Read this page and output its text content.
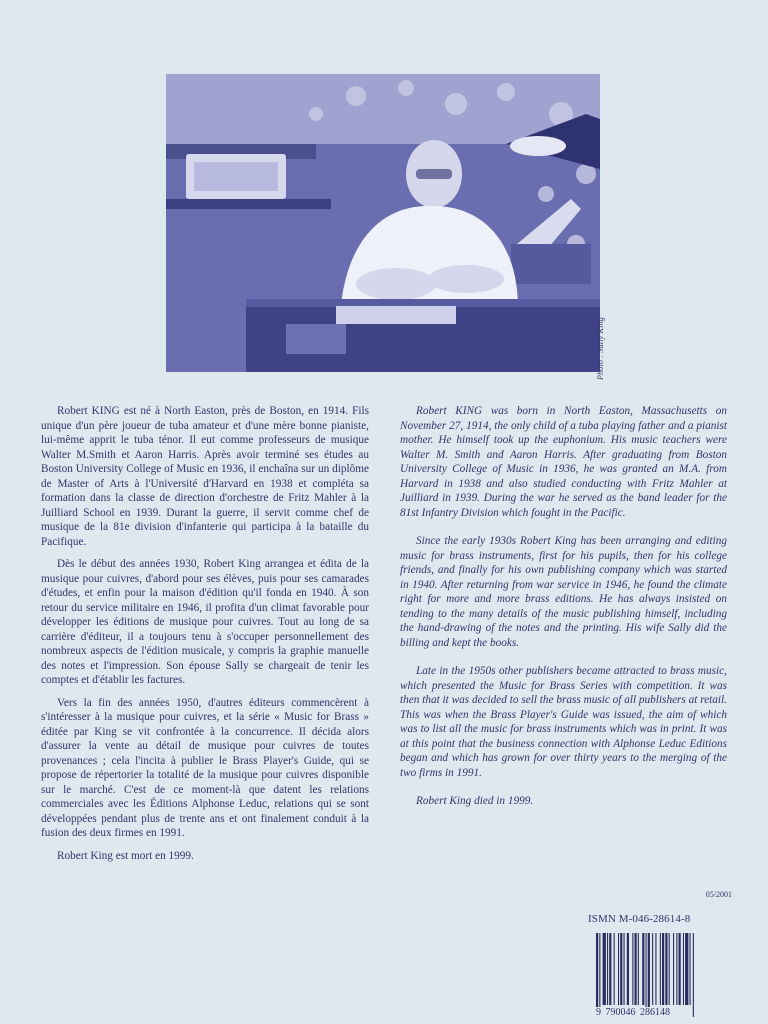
Photo : Sally King

Robert KING est né à North Easton, près de Boston, en 1914. Fils unique d'un père joueur de tuba amateur et d'une mère bonne pianiste, lui-même apprit le tuba ténor. Il eut comme professeurs de musique Walter M.Smith et Aaron Harris. Après avoir terminé ses études au Boston University College of Music en 1936, il enchaîna sur un diplôme de Master of Arts à l'Université d'Harvard en 1938 et compléta sa formation dans la classe de direction d'orchestre de Fritz Mahler à la Juilliard School en 1939. Durant la guerre, il servit comme chef de musique de la 81e division d'infanterie qui participa à la bataille du Pacifique.

Dès le début des années 1930, Robert King arrangea et édita de la musique pour cuivres, d'abord pour ses élèves, puis pour ses camarades d'études, et enfin pour la maison d'édition qu'il fonda en 1940. À son retour du service militaire en 1946, il profita d'un climat favorable pour développer les éditions de musique pour cuivres. Tout au long de sa carrière d'éditeur, il a toujours tenu à s'occuper personnellement des nombreux aspects de l'édition musicale, y compris la graphie manuelle des notes et l'impression. Son épouse Sally se chargeait de tenir les comptes et d'établir les factures.

Vers la fin des années 1950, d'autres éditeurs commencèrent à s'intéresser à la musique pour cuivres, et la série « Music for Brass » éditée par King se vit confrontée à la concurrence. Il décida alors d'assurer la vente au détail de musique pour cuivres de toutes provenances ; cela l'incita à publier le Brass Player's Guide, qui se propose de répertorier la totalité de la musique pour cuivres disponible sur le marché. C'est de ce moment-là que datent les relations commerciales avec les Éditions Alphonse Leduc, relations qui se sont développées pendant plus de trente ans et ont finalement conduit à la fusion des deux firmes en 1991.

Robert King est mort en 1999.

Robert KING was born in North Easton, Massachusetts on November 27, 1914, the only child of a tuba playing father and a pianist mother. He himself took up the euphonium. His music teachers were Walter M. Smith and Aaron Harris. After graduating from Boston University College of Music in 1936, he was granted an M.A. from Harvard in 1938 and also studied conducting with Fritz Mahler at Juilliard in 1939. During the war he served as the band leader for the 81st Infantry Division which fought in the Pacific.

Since the early 1930s Robert King has been arranging and editing music for brass instruments, first for his pupils, then for his college friends, and finally for his own publishing company which was started in 1940. After returning from war service in 1946, he found the climate right for more and more brass editions. He has always insisted on tending to the many details of the music publishing himself, including the hand-drawing of the notes and the printing. His wife Sally did the billing and kept the books.

Late in the 1950s other publishers became attracted to brass music, which presented the Music for Brass Series with competition. It was then that it was decided to sell the brass music of all publishers at retail. This was when the Brass Player's Guide was issued, the aim of which was to list all the music for brass instruments which was in print. It was at this point that the business connection with Alphonse Leduc Editions began and which has grown for over thirty years to the merging of the two firms in 1991.

Robert King died in 1999.

05/2001
ISMN M-046-28614-8
9 790046 286148
